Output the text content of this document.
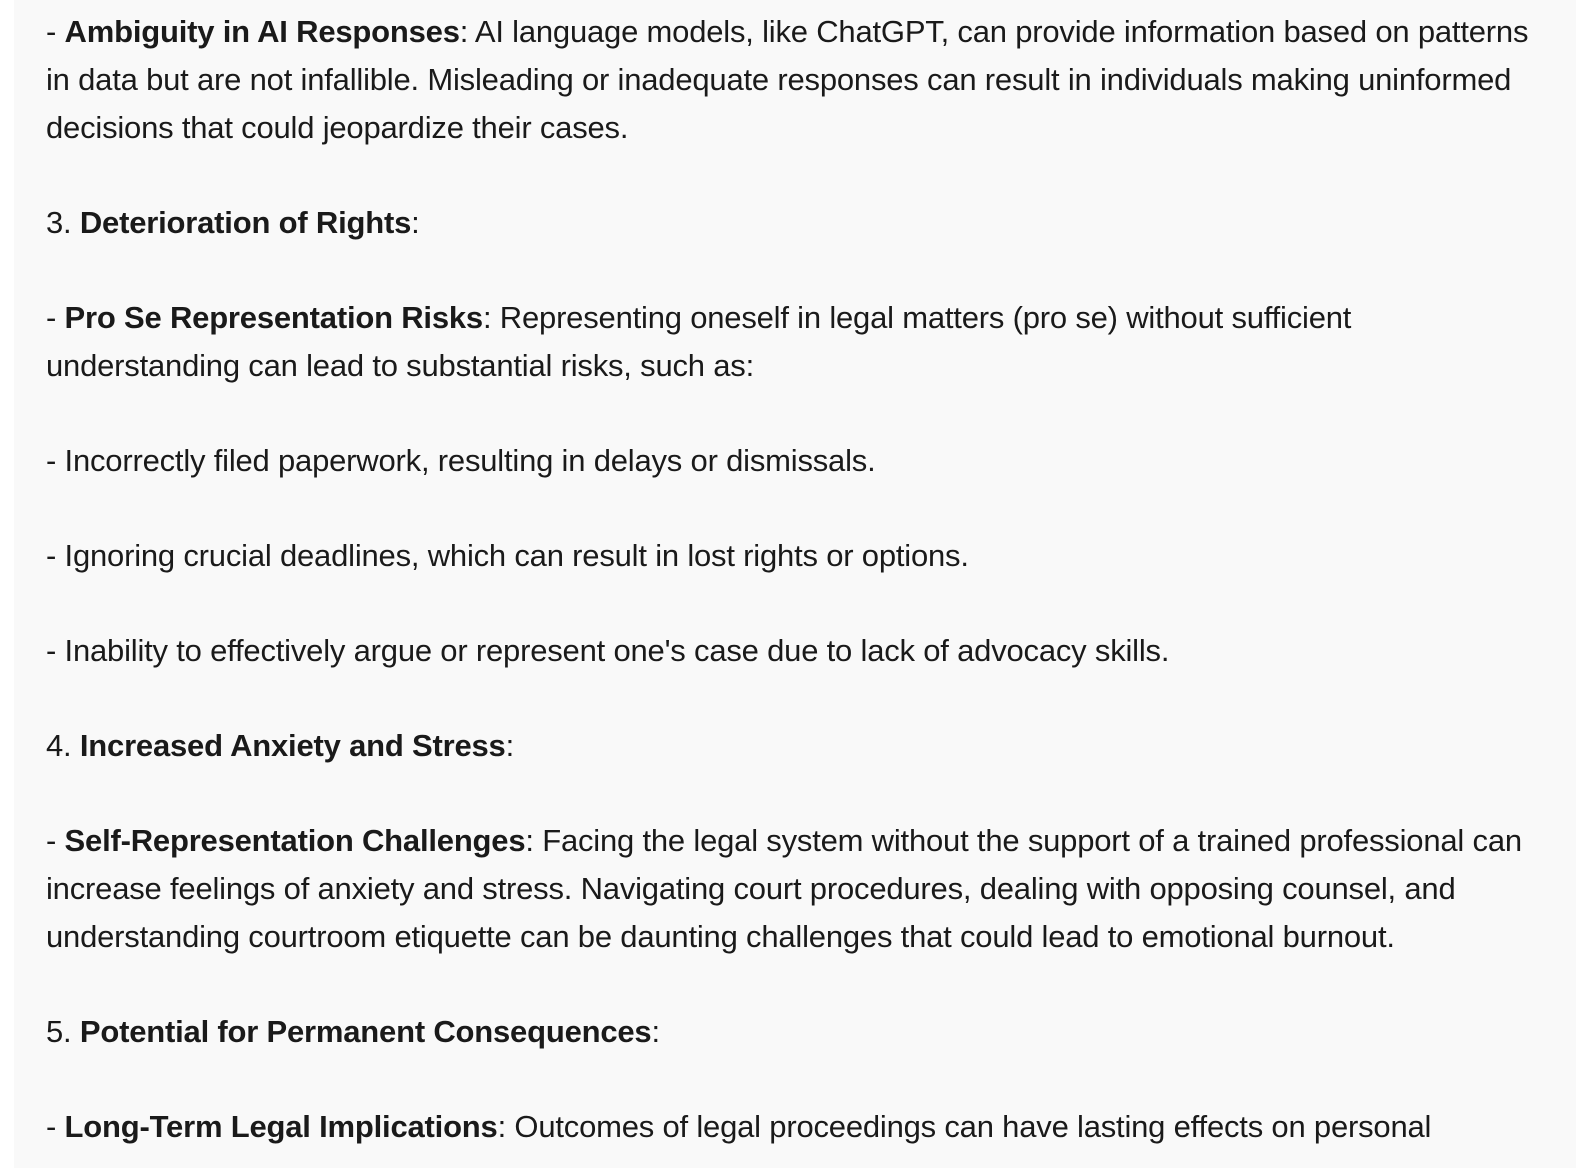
- Ambiguity in AI Responses: AI language models, like ChatGPT, can provide information based on patterns in data but are not infallible. Misleading or inadequate responses can result in individuals making uninformed decisions that could jeopardize their cases.

3. Deterioration of Rights:

- Pro Se Representation Risks: Representing oneself in legal matters (pro se) without sufficient understanding can lead to substantial risks, such as:

- Incorrectly filed paperwork, resulting in delays or dismissals.

- Ignoring crucial deadlines, which can result in lost rights or options.

- Inability to effectively argue or represent one's case due to lack of advocacy skills.

4. Increased Anxiety and Stress:

- Self-Representation Challenges: Facing the legal system without the support of a trained professional can increase feelings of anxiety and stress. Navigating court procedures, dealing with opposing counsel, and understanding courtroom etiquette can be daunting challenges that could lead to emotional burnout.

5. Potential for Permanent Consequences:

- Long-Term Legal Implications: Outcomes of legal proceedings can have lasting effects on personal
